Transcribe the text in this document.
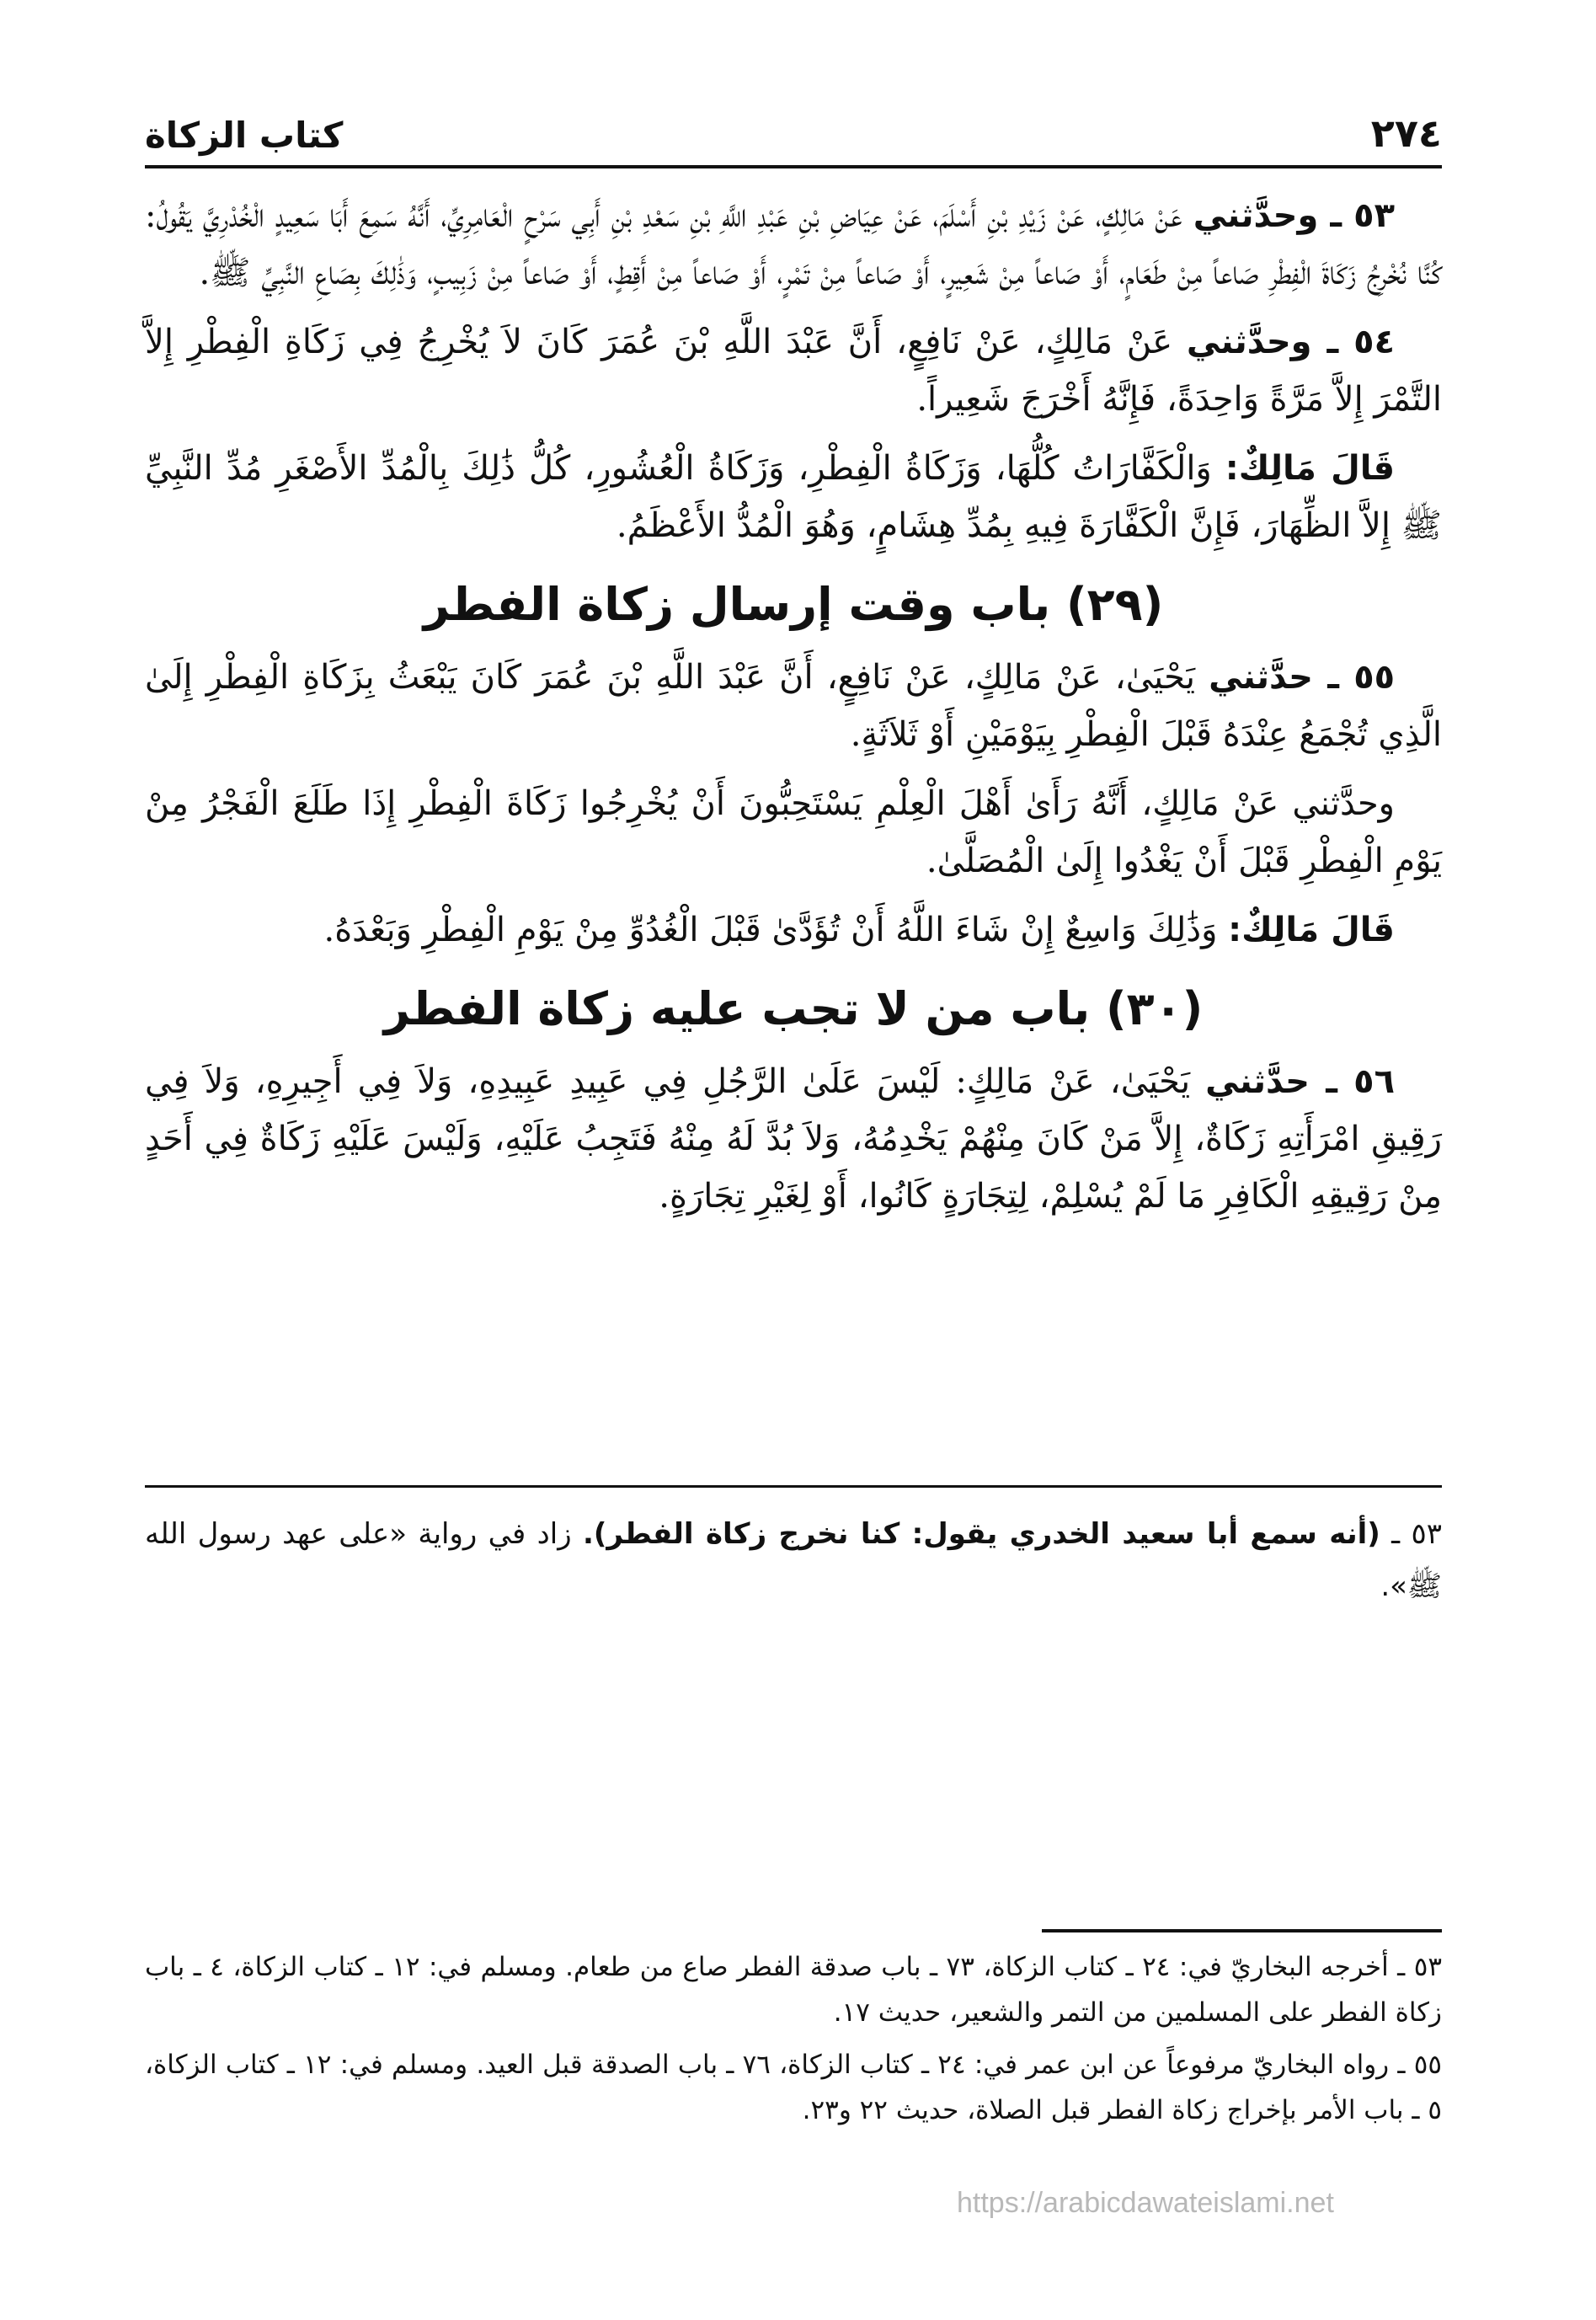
كتاب الزكاة	٢٧٤

٥٣ ـ وحدَّثني عَنْ مَالِكٍ، عَنْ زَيْدِ بْنِ أَسْلَمَ، عَنْ عِيَاضِ بْنِ عَبْدِ اللَّهِ بْنِ سَعْدِ بْنِ أَبِي سَرْحٍ الْعَامِرِيِّ، أَنَّهُ سَمِعَ أَبَا سَعِيدٍ الْخُدْرِيَّ يَقُولُ: كُنَّا نُخْرِجُ زَكَاةَ الْفِطْرِ صَاعاً مِنْ طَعَامٍ، أَوْ صَاعاً مِنْ شَعِيرٍ، أَوْ صَاعاً مِنْ تَمْرٍ، أَوْ صَاعاً مِنْ أَقِطٍ، أَوْ صَاعاً مِنْ زَبِيبٍ، وَذَٰلِكَ بِصَاعِ النَّبِيِّ ﷺ.

٥٤ ـ وحدَّثني عَنْ مَالِكٍ، عَنْ نَافِعٍ، أَنَّ عَبْدَ اللَّهِ بْنَ عُمَرَ كَانَ لاَ يُخْرِجُ فِي زَكَاةِ الْفِطْرِ إِلاَّ التَّمْرَ إِلاَّ مَرَّةً وَاحِدَةً، فَإِنَّهُ أَخْرَجَ شَعِيراً.

قَالَ مَالِكٌ: وَالْكَفَّارَاتُ كُلُّهَا، وَزَكَاةُ الْفِطْرِ، وَزَكَاةُ الْعُشُورِ، كُلُّ ذَٰلِكَ بِالْمُدِّ الأَصْغَرِ مُدِّ النَّبِيِّ ﷺ إِلاَّ الظِّهَارَ، فَإِنَّ الْكَفَّارَةَ فِيهِ بِمُدِّ هِشَامٍ، وَهُوَ الْمُدُّ الأَعْظَمُ.

(٢٩) باب وقت إرسال زكاة الفطر

٥٥ ـ حدَّثني يَحْيَىٰ، عَنْ مَالِكٍ، عَنْ نَافِعٍ، أَنَّ عَبْدَ اللَّهِ بْنَ عُمَرَ كَانَ يَبْعَثُ بِزَكَاةِ الْفِطْرِ إِلَىٰ الَّذِي تُجْمَعُ عِنْدَهُ قَبْلَ الْفِطْرِ بِيَوْمَيْنِ أَوْ ثَلاَثَةٍ.

وحدَّثني عَنْ مَالِكٍ، أَنَّهُ رَأَىٰ أَهْلَ الْعِلْمِ يَسْتَحِبُّونَ أَنْ يُخْرِجُوا زَكَاةَ الْفِطْرِ إِذَا طَلَعَ الْفَجْرُ مِنْ يَوْمِ الْفِطْرِ قَبْلَ أَنْ يَغْدُوا إِلَىٰ الْمُصَلَّىٰ.

قَالَ مَالِكٌ: وَذَٰلِكَ وَاسِعٌ إِنْ شَاءَ اللَّهُ أَنْ تُؤَدَّىٰ قَبْلَ الْغُدُوِّ مِنْ يَوْمِ الْفِطْرِ وَبَعْدَهُ.

(٣٠) باب من لا تجب عليه زكاة الفطر

٥٦ ـ حدَّثني يَحْيَىٰ، عَنْ مَالِكٍ: لَيْسَ عَلَىٰ الرَّجُلِ فِي عَبِيدِ عَبِيدِهِ، وَلاَ فِي أَجِيرِهِ، وَلاَ فِي رَقِيقِ امْرَأَتِهِ زَكَاةٌ، إِلاَّ مَنْ كَانَ مِنْهُمْ يَخْدِمُهُ، وَلاَ بُدَّ لَهُ مِنْهُ فَتَجِبُ عَلَيْهِ، وَلَيْسَ عَلَيْهِ زَكَاةٌ فِي أَحَدٍ مِنْ رَقِيقِهِ الْكَافِرِ مَا لَمْ يُسْلِمْ، لِتِجَارَةٍ كَانُوا، أَوْ لِغَيْرِ تِجَارَةٍ.

٥٣ ـ (أنه سمع أبا سعيد الخدري يقول: كنا نخرج زكاة الفطر). زاد في رواية «على عهد رسول الله ﷺ».

٥٣ ـ أخرجه البخاريّ في: ٢٤ ـ كتاب الزكاة، ٧٣ ـ باب صدقة الفطر صاع من طعام. ومسلم في: ١٢ ـ كتاب الزكاة، ٤ ـ باب زكاة الفطر على المسلمين من التمر والشعير، حديث ١٧.

٥٥ ـ رواه البخاريّ مرفوعاً عن ابن عمر في: ٢٤ ـ كتاب الزكاة، ٧٦ ـ باب الصدقة قبل العيد. ومسلم في: ١٢ ـ كتاب الزكاة، ٥ ـ باب الأمر بإخراج زكاة الفطر قبل الصلاة، حديث ٢٢ و٢٣.

https://arabicdawateislami.net
